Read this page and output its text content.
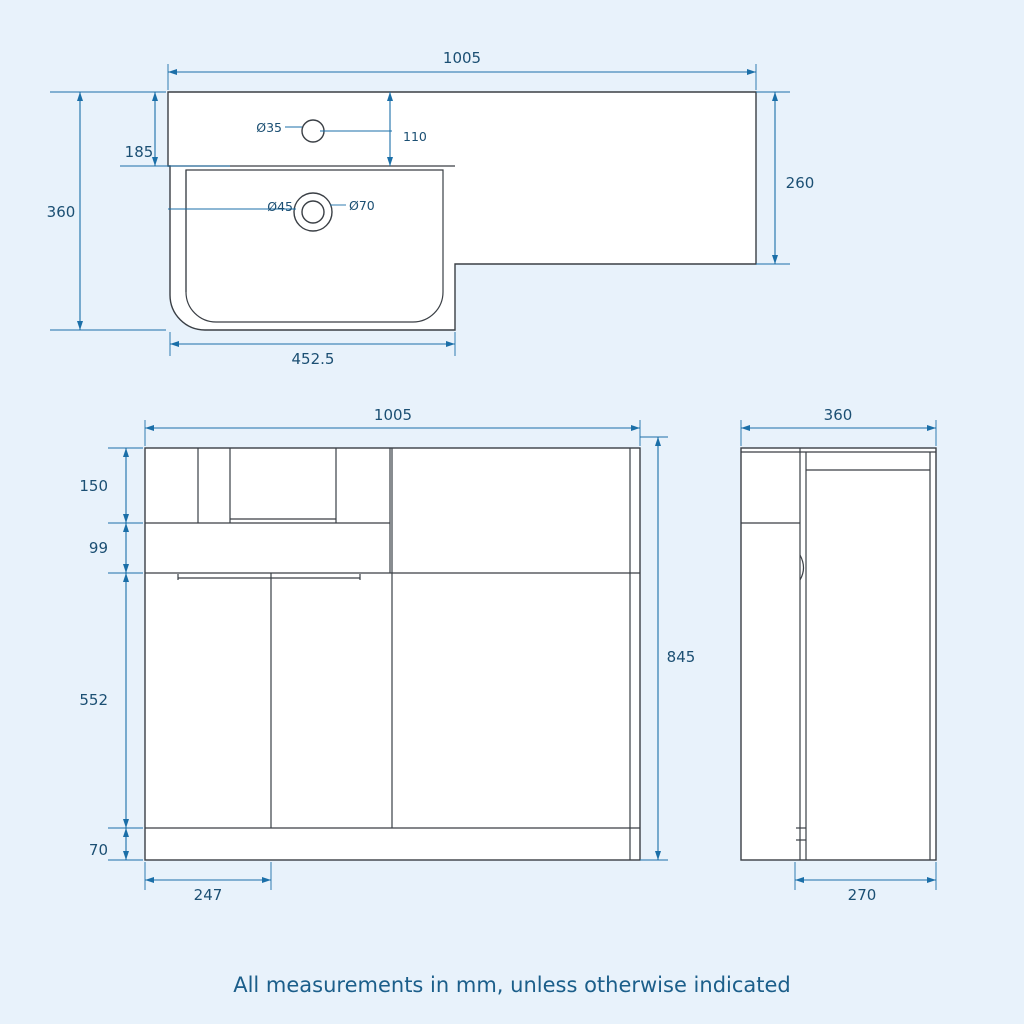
1005
360
185
260
110
452.5
Ø35
Ø45	Ø70
1005
845
150
99
552
70
247
360
270
All measurements in mm, unless otherwise indicated
